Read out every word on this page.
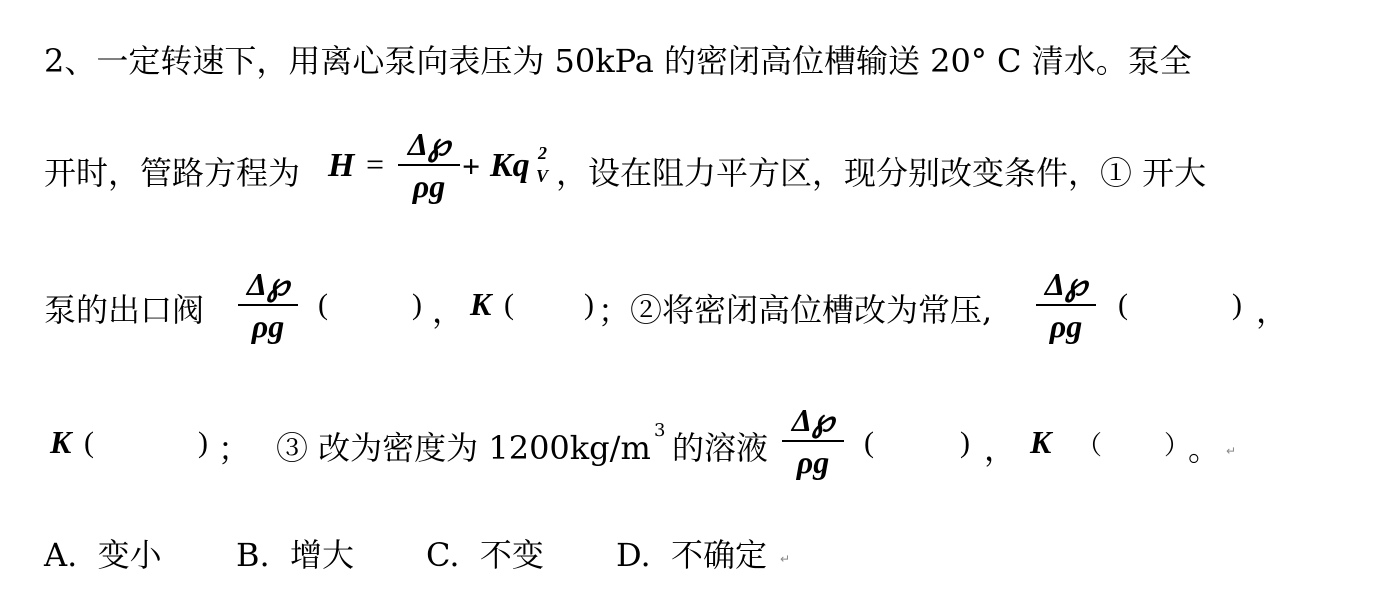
2、一定转速下，用离心泵向表压为 50kPa 的密闭高位槽输送 20° C 清水。泵全
开时，管路方程为 H =
Δ℘
ρg
+ Kq 2
V ，设在阻力平方区，现分别改变条件，① 开大
泵的出口阀
Δ℘
ρg
(	) ， K ( ) ； ②将密闭高位槽改为常压,
Δ℘
ρg
(	) ，
K (	) ； ③ 改为密度为 1200kg/m 3 的溶液
Δ℘
ρg
(	) ， K （ ）
。 ↵
A. 变小 B. 增大 C. 不变 D. 不确定 ↵
